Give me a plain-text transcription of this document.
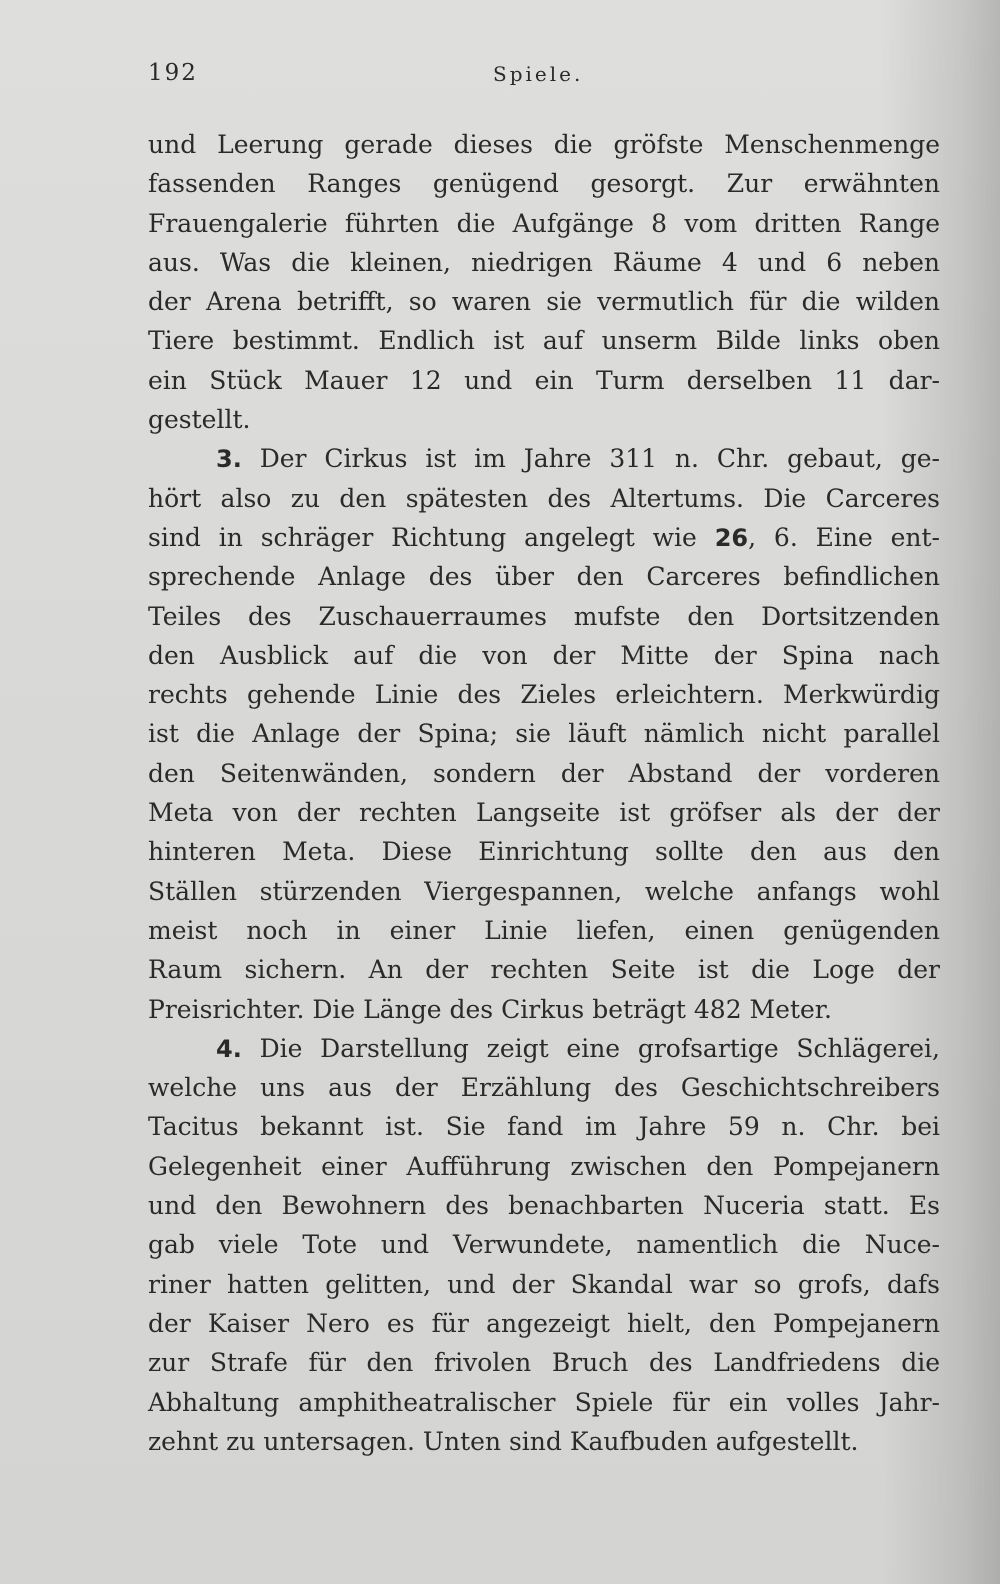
192	Spiele.
und Leerung gerade dieses die gröfste Menschenmenge
fassenden Ranges genügend gesorgt. Zur erwähnten
Frauengalerie führten die Aufgänge 8 vom dritten Range
aus. Was die kleinen, niedrigen Räume 4 und 6 neben
der Arena betrifft, so waren sie vermutlich für die wilden
Tiere bestimmt. Endlich ist auf unserm Bilde links oben
ein Stück Mauer 12 und ein Turm derselben 11 dar-
gestellt.
3. Der Cirkus ist im Jahre 311 n. Chr. gebaut, ge-
hört also zu den spätesten des Altertums. Die Carceres
sind in schräger Richtung angelegt wie 26, 6. Eine ent-
sprechende Anlage des über den Carceres befindlichen
Teiles des Zuschauerraumes mufste den Dortsitzenden
den Ausblick auf die von der Mitte der Spina nach
rechts gehende Linie des Zieles erleichtern. Merkwürdig
ist die Anlage der Spina; sie läuft nämlich nicht parallel
den Seitenwänden, sondern der Abstand der vorderen
Meta von der rechten Langseite ist gröfser als der der
hinteren Meta. Diese Einrichtung sollte den aus den
Ställen stürzenden Viergespannen, welche anfangs wohl
meist noch in einer Linie liefen, einen genügenden
Raum sichern. An der rechten Seite ist die Loge der
Preisrichter. Die Länge des Cirkus beträgt 482 Meter.
4. Die Darstellung zeigt eine grofsartige Schlägerei,
welche uns aus der Erzählung des Geschichtschreibers
Tacitus bekannt ist. Sie fand im Jahre 59 n. Chr. bei
Gelegenheit einer Aufführung zwischen den Pompejanern
und den Bewohnern des benachbarten Nuceria statt. Es
gab viele Tote und Verwundete, namentlich die Nuce-
riner hatten gelitten, und der Skandal war so grofs, dafs
der Kaiser Nero es für angezeigt hielt, den Pompejanern
zur Strafe für den frivolen Bruch des Landfriedens die
Abhaltung amphitheatralischer Spiele für ein volles Jahr-
zehnt zu untersagen. Unten sind Kaufbuden aufgestellt.
